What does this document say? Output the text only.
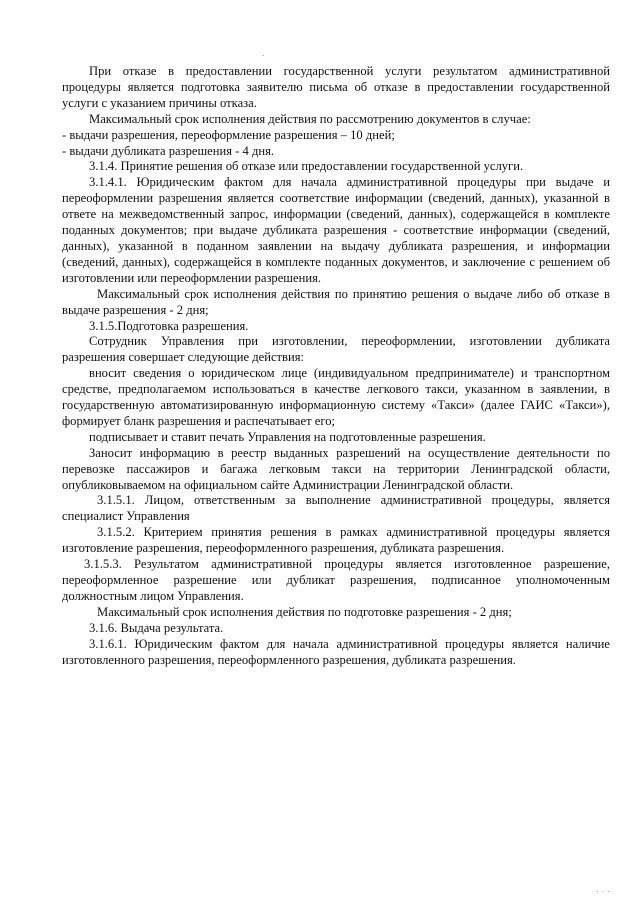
При отказе в предоставлении государственной услуги результатом административной процедуры является подготовка заявителю письма об отказе в предоставлении государственной услуги с указанием причины отказа.

Максимальный срок исполнения действия по рассмотрению документов в случае:

- выдачи разрешения, переоформление разрешения – 10 дней;

- выдачи дубликата разрешения - 4 дня.

3.1.4. Принятие решения об отказе или предоставлении государственной услуги.

3.1.4.1. Юридическим фактом для начала административной процедуры при выдаче и переоформлении разрешения является соответствие информации (сведений, данных), указанной в ответе на межведомственный запрос, информации (сведений, данных), содержащейся в комплекте поданных документов; при выдаче дубликата разрешения - соответствие информации (сведений, данных), указанной в поданном заявлении на выдачу дубликата разрешения, и информации (сведений, данных), содержащейся в комплекте поданных документов, и заключение с решением об изготовлении или переоформлении разрешения.

Максимальный срок исполнения действия по принятию решения о выдаче либо об отказе в выдаче разрешения - 2 дня;

3.1.5.Подготовка разрешения.

Сотрудник Управления при изготовлении, переоформлении, изготовлении дубликата разрешения совершает следующие действия:

вносит сведения о юридическом лице (индивидуальном предпринимателе) и транспортном средстве, предполагаемом использоваться в качестве легкового такси, указанном в заявлении, в государственную автоматизированную информационную систему «Такси» (далее ГАИС «Такси»), формирует бланк разрешения и распечатывает его;

подписывает и ставит печать Управления на подготовленные разрешения.

Заносит информацию в реестр выданных разрешений на осуществление деятельности по перевозке пассажиров и багажа легковым такси на территории Ленинградской области, опубликовываемом на официальном сайте Администрации Ленинградской области.

3.1.5.1. Лицом, ответственным за выполнение административной процедуры, является специалист Управления

3.1.5.2. Критерием принятия решения в рамках административной процедуры является изготовление разрешения, переоформленного разрешения, дубликата разрешения.

3.1.5.3. Результатом административной процедуры является изготовленное разрешение, переоформленное разрешение или дубликат разрешения, подписанное уполномоченным должностным лицом Управления.

Максимальный срок исполнения действия по подготовке разрешения - 2 дня;

3.1.6. Выдача результата.

3.1.6.1. Юридическим фактом для начала административной процедуры является наличие изготовленного разрешения, переоформленного разрешения, дубликата разрешения.

·
· · ·
